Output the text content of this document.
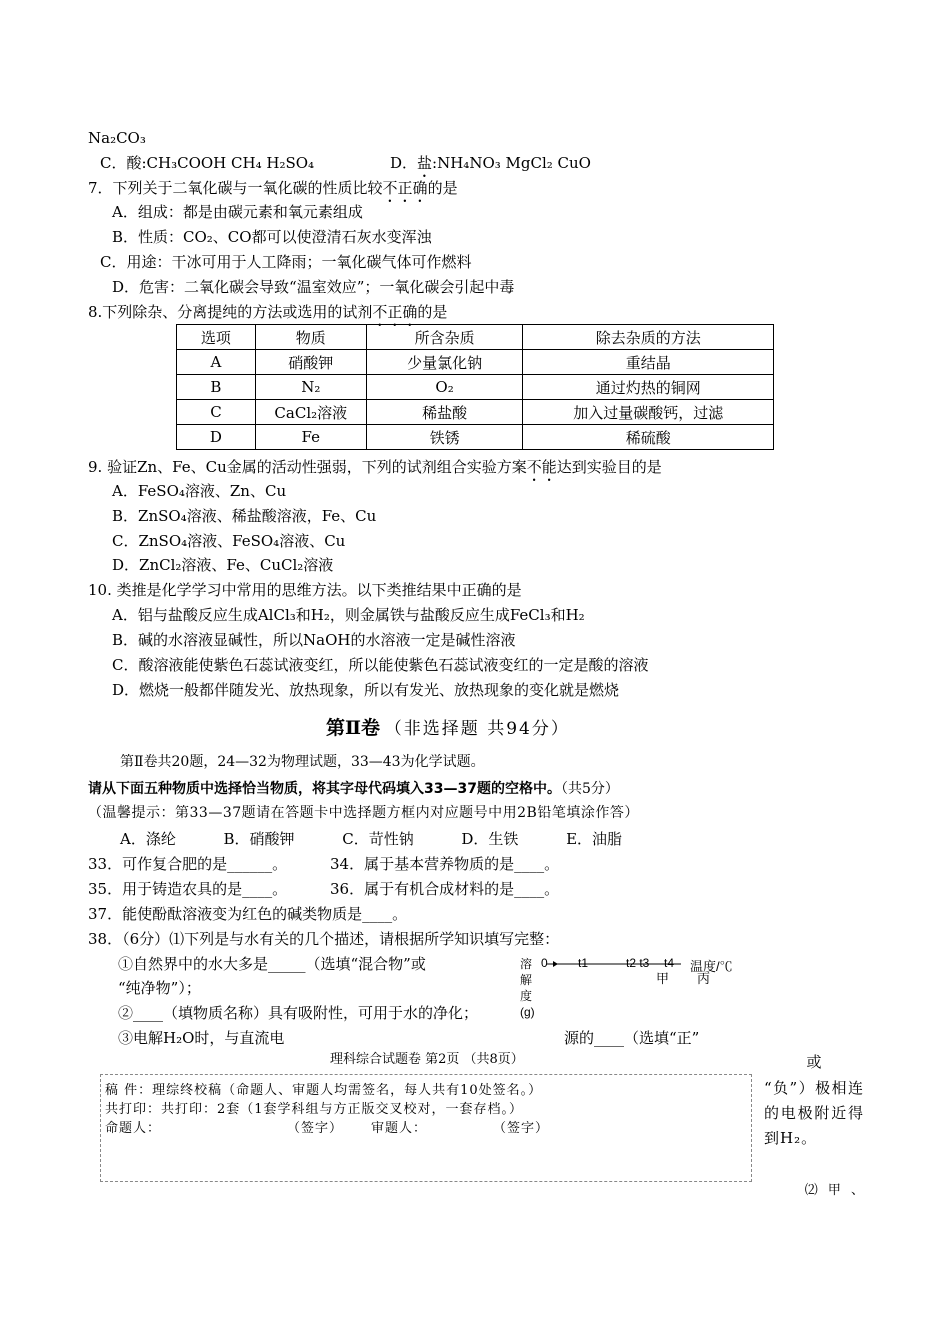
Na₂CO₃
C．酸:CH₃COOH CH₄ H₂SO₄	D．盐:NH₄NO₃ MgCl₂ CuO
7．下列关于二氧化碳与一氧化碳的性质比较不正确的是
A．组成：都是由碳元素和氧元素组成
B．性质：CO₂、CO都可以使澄清石灰水变浑浊
C．用途：干冰可用于人工降雨；一氧化碳气体可作燃料
D．危害：二氧化碳会导致“温室效应”；一氧化碳会引起中毒
8.下列除杂、分离提纯的方法或选用的试剂不正确的是
选项	物质	所含杂质	除去杂质的方法
A	硝酸钾	少量氯化钠	重结晶
B	N₂	O₂	通过灼热的铜网
C	CaCl₂溶液	稀盐酸	加入过量碳酸钙，过滤
D	Fe	铁锈	稀硫酸
9. 验证Zn、Fe、Cu金属的活动性强弱，下列的试剂组合实验方案不能达到实验目的是
A．FeSO₄溶液、Zn、Cu
B．ZnSO₄溶液、稀盐酸溶液，Fe、Cu
C．ZnSO₄溶液、FeSO₄溶液、Cu
D．ZnCl₂溶液、Fe、CuCl₂溶液
10. 类推是化学学习中常用的思维方法。以下类推结果中正确的是
A．铝与盐酸反应生成AlCl₃和H₂，则金属铁与盐酸反应生成FeCl₃和H₂
B．碱的水溶液显碱性，所以NaOH的水溶液一定是碱性溶液
C．酸溶液能使紫色石蕊试液变红，所以能使紫色石蕊试液变红的一定是酸的溶液
D．燃烧一般都伴随发光、放热现象，所以有发光、放热现象的变化就是燃烧
第Ⅱ卷 （非选择题 共94分）
第Ⅱ卷共20题，24—32为物理试题，33—43为化学试题。
请从下面五种物质中选择恰当物质，将其字母代码填入33—37题的空格中。（共5分）
（温馨提示：第33—37题请在答题卡中选择题方框内对应题号中用2B铅笔填涂作答）
A．涤纶          B．硝酸钾          C．苛性钠          D．生铁          E．油脂
33．可作复合肥的是______。	34．属于基本营养物质的是____。
35．用于铸造农具的是____。	36．属于有机合成材料的是____。
37．能使酚酞溶液变为红色的碱类物质是____。
38．（6分）⑴下列是与水有关的几个描述，请根据所学知识填写完整：
①自然界中的水大多是_____（选填“混合物”或
“纯净物”）；
②____（填物质名称）具有吸附性，可用于水的净化；
③电解H₂O时，与直流电	源的____（选填“正”
溶
解
度
(g)
0	t1	t2 t3 t4 温度/℃
甲 丙
理科综合试题卷 第2页 （共8页）
稿 件：理综终校稿（命题人、审题人均需签名，每人共有10处签名。）
共打印：共打印：2套（1套学科组与方正版交叉校对，一套存档。）
命题人：	（签字） 审题人：	（签字）
或
“负”）极相连的电极附近得到H₂。
⑵ 甲 、
